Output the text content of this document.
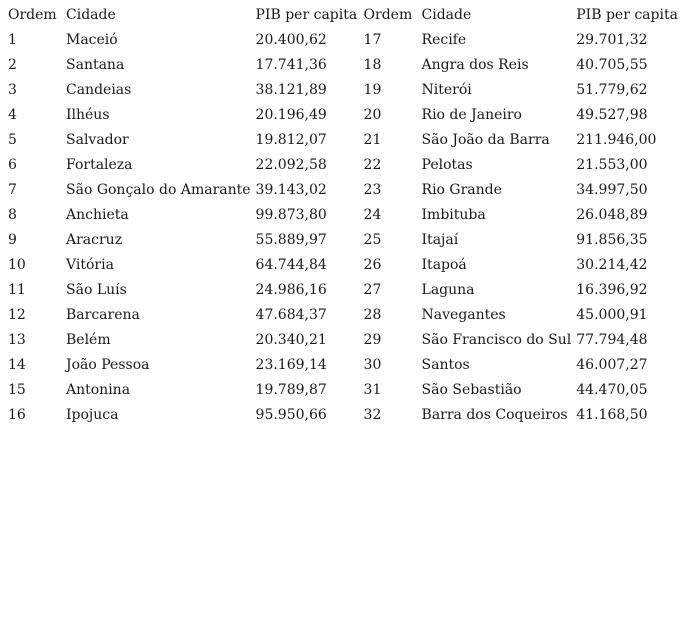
Ordem	Cidade	PIB per capita	Ordem	Cidade	PIB per capita
1	Maceió	20.400,62	17	Recife	29.701,32
2	Santana	17.741,36	18	Angra dos Reis	40.705,55
3	Candeias	38.121,89	19	Niterói	51.779,62
4	Ilhéus	20.196,49	20	Rio de Janeiro	49.527,98
5	Salvador	19.812,07	21	São João da Barra	211.946,00
6	Fortaleza	22.092,58	22	Pelotas	21.553,00
7	São Gonçalo do Amarante	39.143,02	23	Rio Grande	34.997,50
8	Anchieta	99.873,80	24	Imbituba	26.048,89
9	Aracruz	55.889,97	25	Itajaí	91.856,35
10	Vitória	64.744,84	26	Itapoá	30.214,42
11	São Luís	24.986,16	27	Laguna	16.396,92
12	Barcarena	47.684,37	28	Navegantes	45.000,91
13	Belém	20.340,21	29	São Francisco do Sul	77.794,48
14	João Pessoa	23.169,14	30	Santos	46.007,27
15	Antonina	19.789,87	31	São Sebastião	44.470,05
16	Ipojuca	95.950,66	32	Barra dos Coqueiros	41.168,50
